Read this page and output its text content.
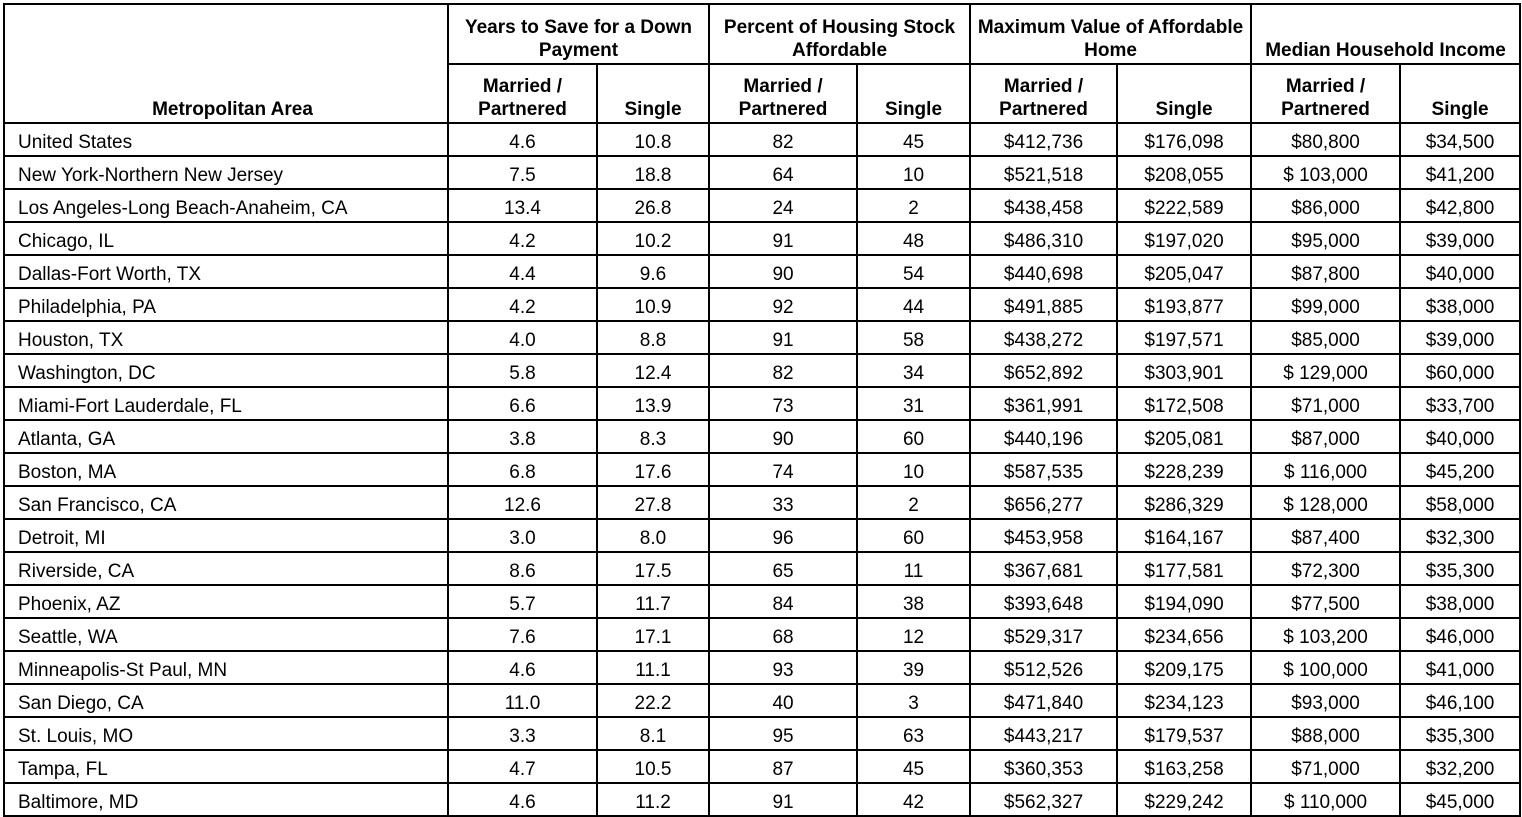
	Years to Save for a Down Payment		Percent of Housing Stock Affordable		Maximum Value of Affordable Home		Median Household Income	
Metropolitan Area	Married / Partnered	Single	Married / Partnered	Single	Married / Partnered	Single	Married / Partnered	Single
United States	4.6	10.8	82	45	$412,736	$176,098	$80,800	$34,500
New York-Northern New Jersey	7.5	18.8	64	10	$521,518	$208,055	$ 103,000	$41,200
Los Angeles-Long Beach-Anaheim, CA	13.4	26.8	24	2	$438,458	$222,589	$86,000	$42,800
Chicago, IL	4.2	10.2	91	48	$486,310	$197,020	$95,000	$39,000
Dallas-Fort Worth, TX	4.4	9.6	90	54	$440,698	$205,047	$87,800	$40,000
Philadelphia, PA	4.2	10.9	92	44	$491,885	$193,877	$99,000	$38,000
Houston, TX	4.0	8.8	91	58	$438,272	$197,571	$85,000	$39,000
Washington, DC	5.8	12.4	82	34	$652,892	$303,901	$ 129,000	$60,000
Miami-Fort Lauderdale, FL	6.6	13.9	73	31	$361,991	$172,508	$71,000	$33,700
Atlanta, GA	3.8	8.3	90	60	$440,196	$205,081	$87,000	$40,000
Boston, MA	6.8	17.6	74	10	$587,535	$228,239	$ 116,000	$45,200
San Francisco, CA	12.6	27.8	33	2	$656,277	$286,329	$ 128,000	$58,000
Detroit, MI	3.0	8.0	96	60	$453,958	$164,167	$87,400	$32,300
Riverside, CA	8.6	17.5	65	11	$367,681	$177,581	$72,300	$35,300
Phoenix, AZ	5.7	11.7	84	38	$393,648	$194,090	$77,500	$38,000
Seattle, WA	7.6	17.1	68	12	$529,317	$234,656	$ 103,200	$46,000
Minneapolis-St Paul, MN	4.6	11.1	93	39	$512,526	$209,175	$ 100,000	$41,000
San Diego, CA	11.0	22.2	40	3	$471,840	$234,123	$93,000	$46,100
St. Louis, MO	3.3	8.1	95	63	$443,217	$179,537	$88,000	$35,300
Tampa, FL	4.7	10.5	87	45	$360,353	$163,258	$71,000	$32,200
Baltimore, MD	4.6	11.2	91	42	$562,327	$229,242	$ 110,000	$45,000
